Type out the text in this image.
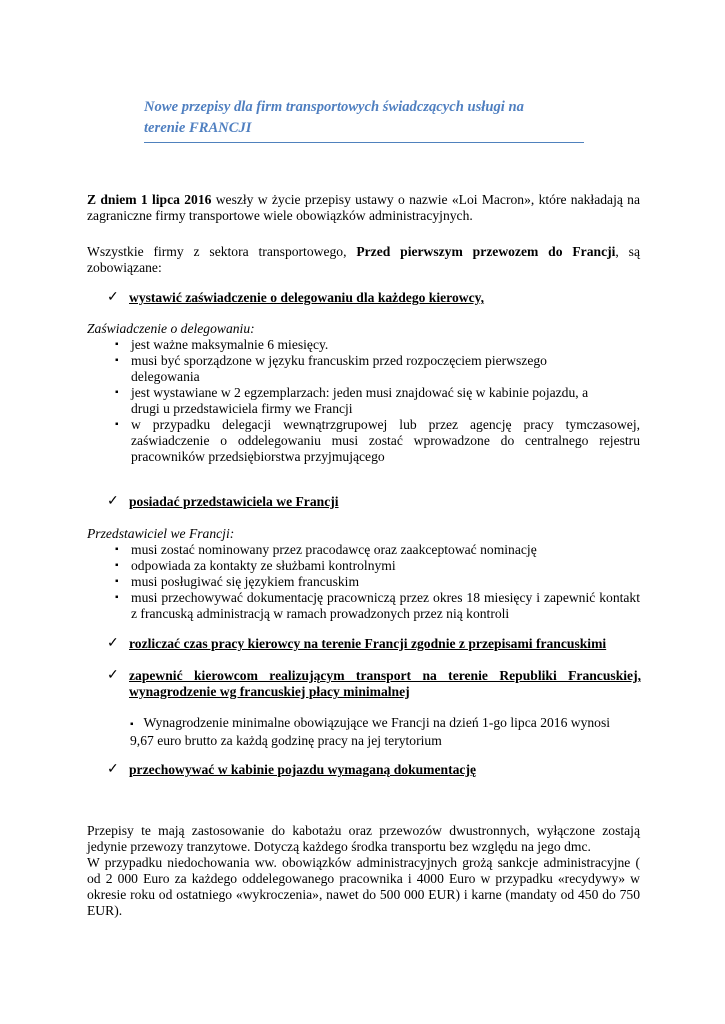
Nowe przepisy dla firm transportowych świadczących usługi na
terenie FRANCJI
Z dniem 1 lipca 2016 weszły w życie przepisy ustawy o nazwie «Loi Macron», które nakładają na zagraniczne firmy transportowe wiele obowiązków administracyjnych.
Wszystkie firmy z sektora transportowego, Przed pierwszym przewozem do Francji, są zobowiązane:
✓ wystawić zaświadczenie o delegowaniu dla każdego kierowcy,
Zaświadczenie o delegowaniu:
▪ jest ważne maksymalnie 6 miesięcy.
▪ musi być sporządzone w języku francuskim przed rozpoczęciem pierwszego delegowania
▪ jest wystawiane w 2 egzemplarzach: jeden musi znajdować się w kabinie pojazdu, a drugi u przedstawiciela firmy we Francji
▪ w przypadku delegacji wewnątrzgrupowej lub przez agencję pracy tymczasowej, zaświadczenie o oddelegowaniu musi zostać wprowadzone do centralnego rejestru pracowników przedsiębiorstwa przyjmującego
✓ posiadać przedstawiciela we Francji
Przedstawiciel we Francji:
▪ musi zostać nominowany przez pracodawcę oraz zaakceptować nominację
▪ odpowiada za kontakty ze służbami kontrolnymi
▪ musi posługiwać się językiem francuskim
▪ musi przechowywać dokumentację pracowniczą przez okres 18 miesięcy i zapewnić kontakt z francuską administracją w ramach prowadzonych przez nią kontroli
✓ rozliczać czas pracy kierowcy na terenie Francji zgodnie z przepisami francuskimi
✓ zapewnić kierowcom realizującym transport na terenie Republiki Francuskiej, wynagrodzenie wg francuskiej płacy minimalnej
▪ Wynagrodzenie minimalne obowiązujące we Francji na dzień 1-go lipca 2016 wynosi
9,67 euro brutto za każdą godzinę pracy na jej terytorium
✓ przechowywać w kabinie pojazdu wymaganą dokumentację
Przepisy te mają zastosowanie do kabotażu oraz przewozów dwustronnych, wyłączone zostają jedynie przewozy tranzytowe. Dotyczą każdego środka transportu bez względu na jego dmc.
W przypadku niedochowania ww. obowiązków administracyjnych grożą sankcje administracyjne ( od 2 000 Euro za każdego oddelegowanego pracownika i 4000 Euro w przypadku «recydywy» w okresie roku od ostatniego «wykroczenia», nawet do 500 000 EUR) i karne (mandaty od 450 do 750 EUR).
